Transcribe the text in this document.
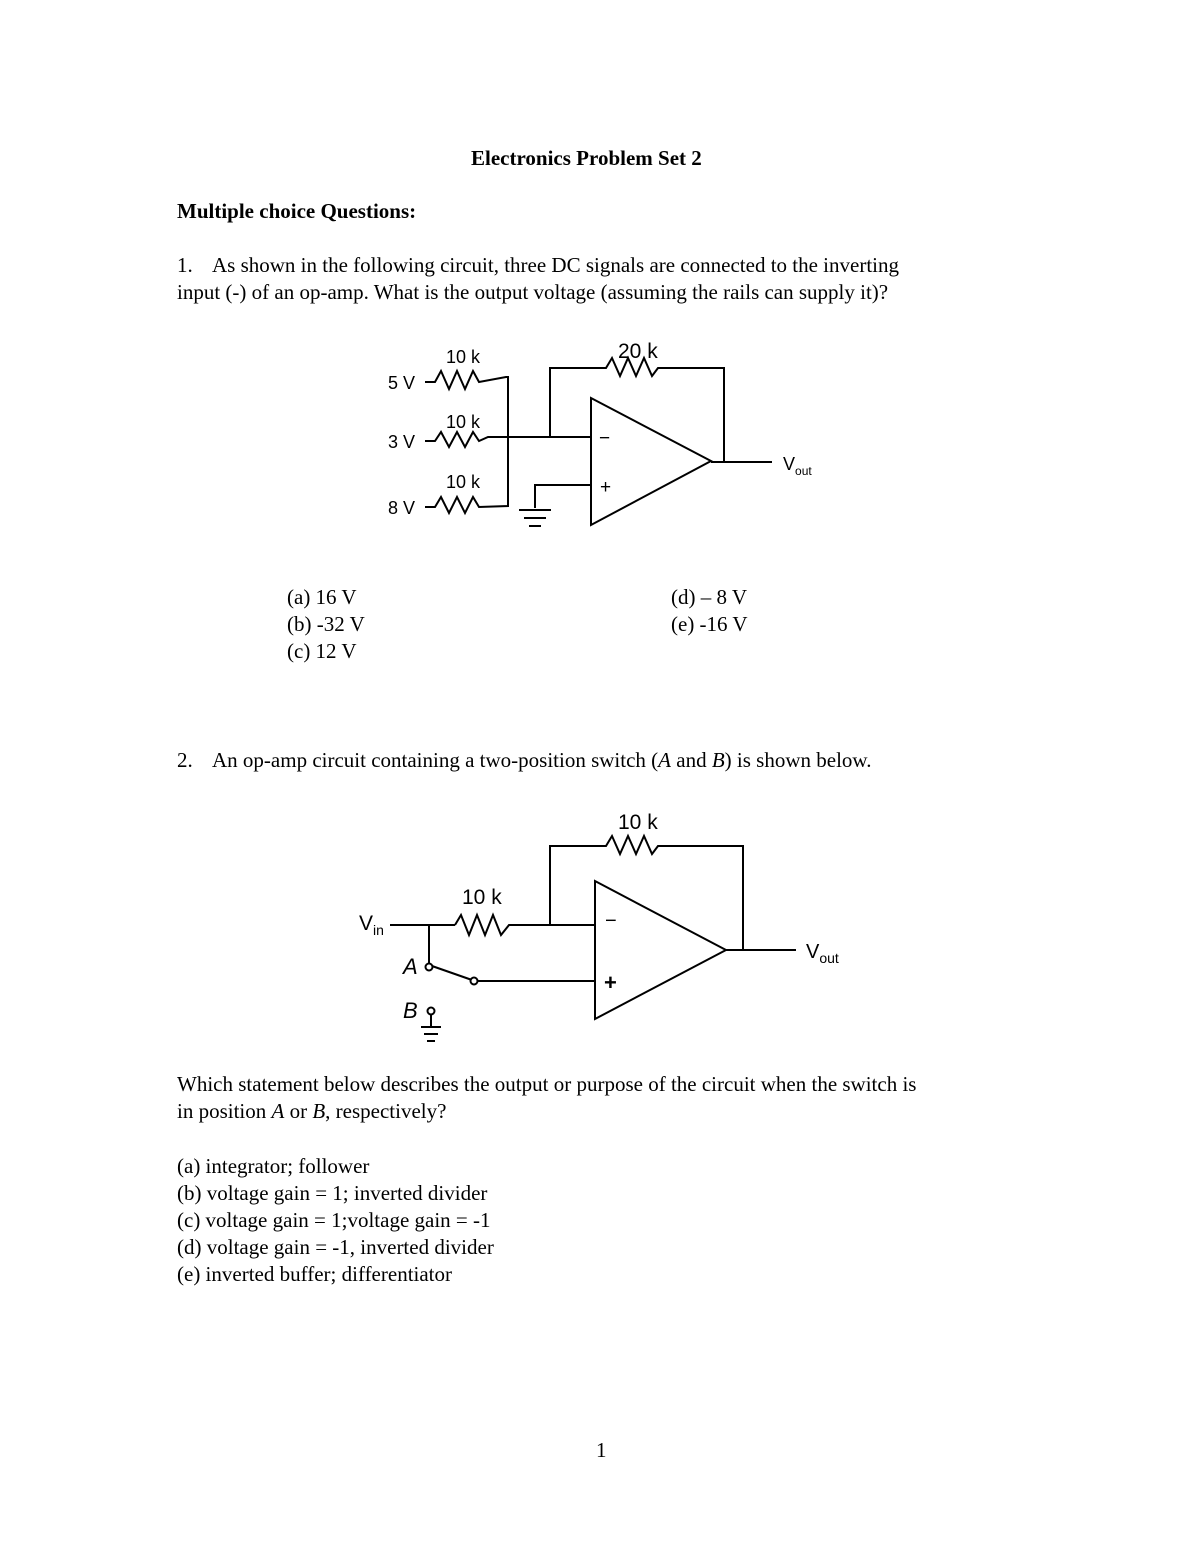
Electronics Problem Set 2
Multiple choice Questions:
1. As shown in the following circuit, three DC signals are connected to the inverting
input (-) of an op-amp. What is the output voltage (assuming the rails can supply it)?
10 k
10 k
10 k
20 k
5 V
3 V
8 V
−
+
$V_{out}$
(a) 16 V
(b) -32 V
(c) 12 V
(d) – 8 V
(e) -16 V
2. An op-amp circuit containing a two-position switch (A and B) is shown below.
10 k
10 k
$V_{in}$
A
B
−
+
$V_{out}$
Which statement below describes the output or purpose of the circuit when the switch is
in position A or B, respectively?
(a) integrator; follower
(b) voltage gain = 1; inverted divider
(c) voltage gain = 1;voltage gain = -1
(d) voltage gain = -1, inverted divider
(e) inverted buffer; differentiator
1
